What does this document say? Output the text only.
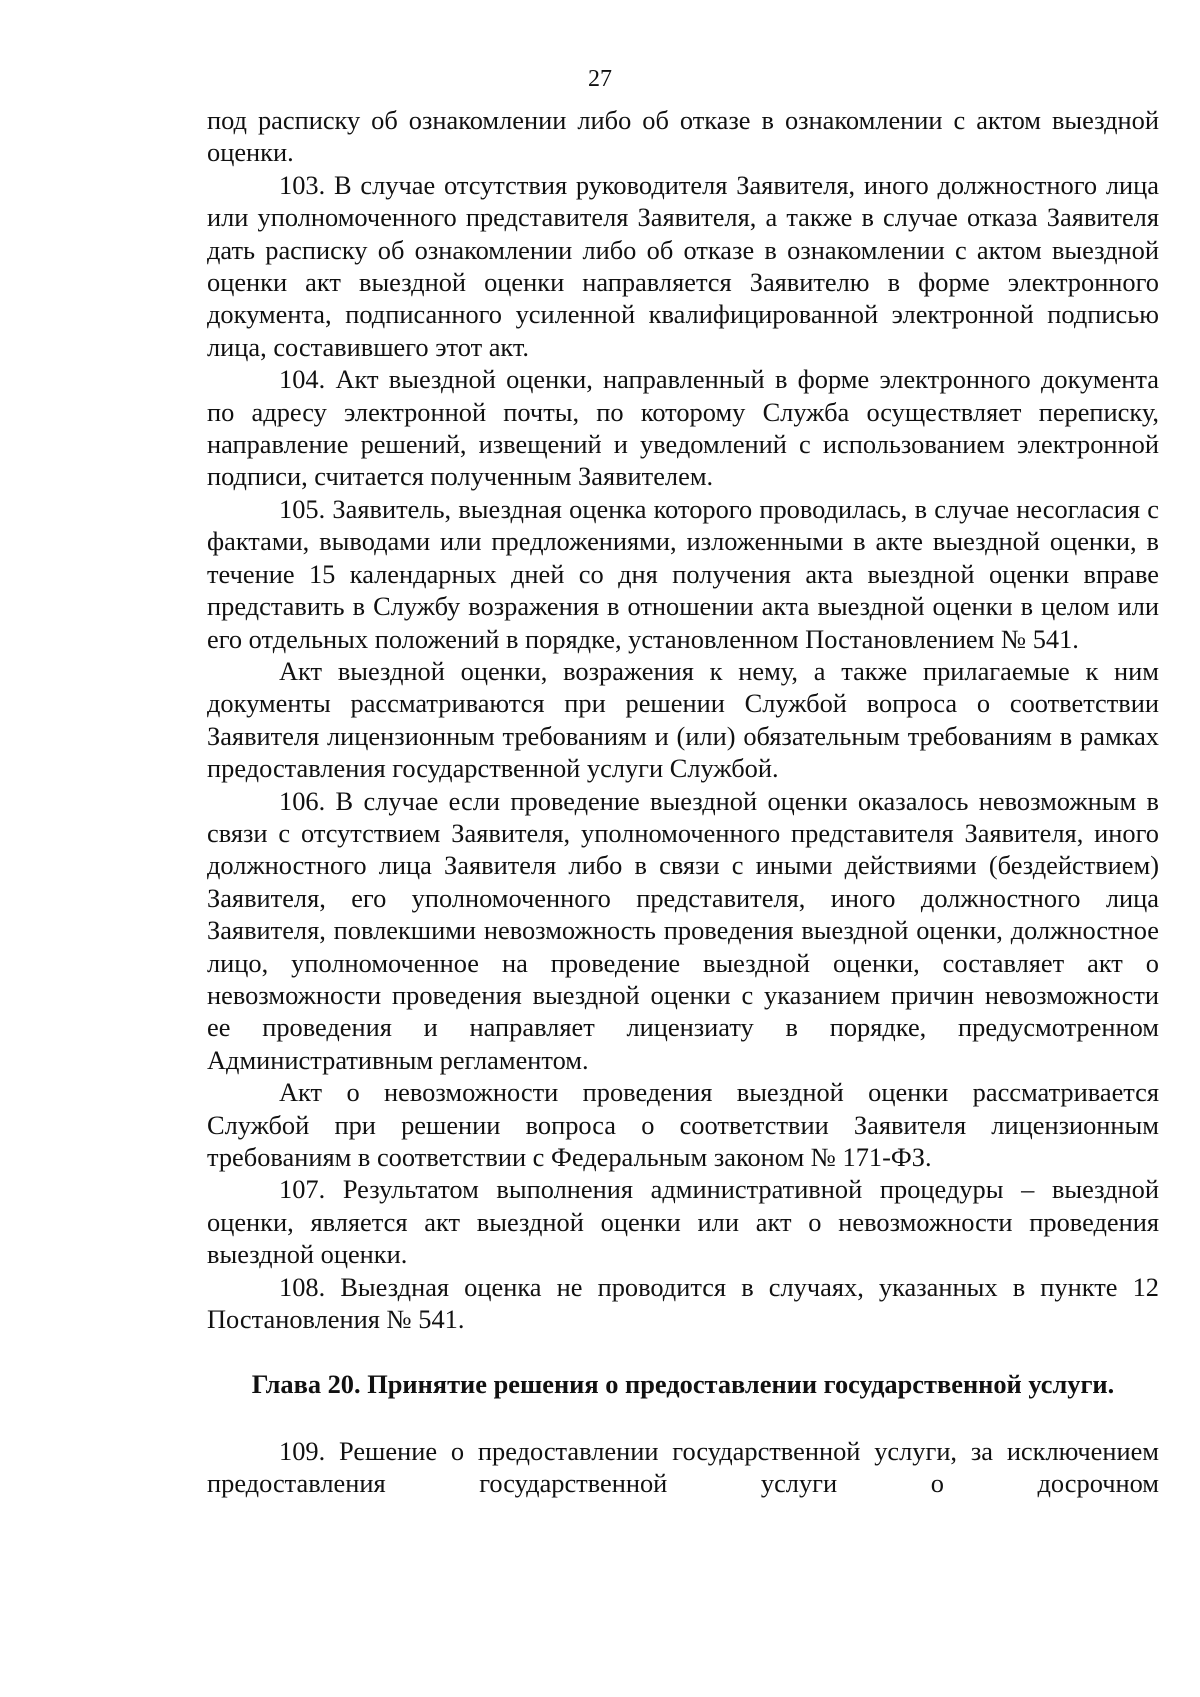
27

под расписку об ознакомлении либо об отказе в ознакомлении с актом выездной оценки.

103. В случае отсутствия руководителя Заявителя, иного должностного лица или уполномоченного представителя Заявителя, а также в случае отказа Заявителя дать расписку об ознакомлении либо об отказе в ознакомлении с актом выездной оценки акт выездной оценки направляется Заявителю в форме электронного документа, подписанного усиленной квалифицированной электронной подписью лица, составившего этот акт.

104. Акт выездной оценки, направленный в форме электронного документа по адресу электронной почты, по которому Служба осуществляет переписку, направление решений, извещений и уведомлений с использованием электронной подписи, считается полученным Заявителем.

105. Заявитель, выездная оценка которого проводилась, в случае несогласия с фактами, выводами или предложениями, изложенными в акте выездной оценки, в течение 15 календарных дней со дня получения акта выездной оценки вправе представить в Службу возражения в отношении акта выездной оценки в целом или его отдельных положений в порядке, установленном Постановлением № 541.

Акт выездной оценки, возражения к нему, а также прилагаемые к ним документы рассматриваются при решении Службой вопроса о соответствии Заявителя лицензионным требованиям и (или) обязательным требованиям в рамках предоставления государственной услуги Службой.

106. В случае если проведение выездной оценки оказалось невозможным в связи с отсутствием Заявителя, уполномоченного представителя Заявителя, иного должностного лица Заявителя либо в связи с иными действиями (бездействием) Заявителя, его уполномоченного представителя, иного должностного лица Заявителя, повлекшими невозможность проведения выездной оценки, должностное лицо, уполномоченное на проведение выездной оценки, составляет акт о невозможности проведения выездной оценки с указанием причин невозможности ее проведения и направляет лицензиату в порядке, предусмотренном Административным регламентом.

Акт о невозможности проведения выездной оценки рассматривается Службой при решении вопроса о соответствии Заявителя лицензионным требованиям в соответствии с Федеральным законом № 171-ФЗ.

107. Результатом выполнения административной процедуры – выездной оценки, является акт выездной оценки или акт о невозможности проведения выездной оценки.

108. Выездная оценка не проводится в случаях, указанных в пункте 12 Постановления № 541.

Глава 20. Принятие решения о предоставлении государственной услуги.

109. Решение о предоставлении государственной услуги, за исключением предоставления государственной услуги о досрочном
